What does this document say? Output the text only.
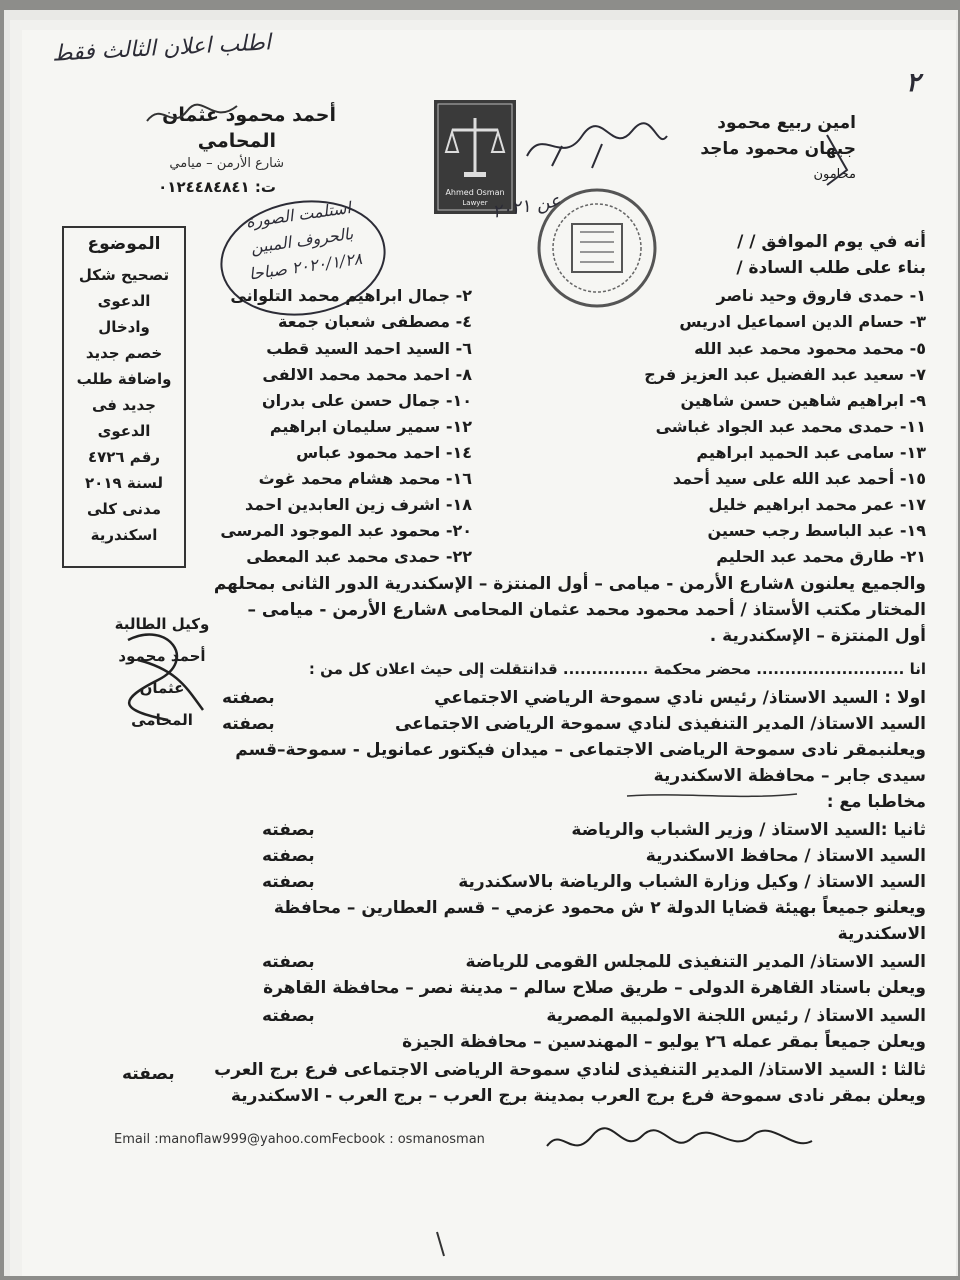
اطلب اعلان الثالث فقط
٢
أحمد محمود عثمان
المحامي
شارع الأرمن – ميامي
ت: ٠١٢٤٤٨٤٨٤١	Ahmed Osman
Lawyer
امين ربيع محمود
جيهان محمود ماجد
محامون
استلمت الصورة
بالحروف المبين
٢٠٢٠/١/٢٨ صباحا
عن ٢٠٢١
الموضوع
تصحيح شكل
الدعوى وادخال
خصم جديد
واضافة طلب
جديد فى الدعوى
رقم ٤٧٢٦
لسنة ٢٠١٩
مدنى كلى
اسكندرية
أنه في يوم الموافق / /
بناء على طلب السادة /
١- حمدى فاروق وحيد ناصر
٣- حسام الدين اسماعيل ادريس
٥- محمد محمود محمد عبد الله
٧- سعيد عبد الفضيل عبد العزيز فرج
٩- ابراهيم شاهين حسن شاهين
١١- حمدى محمد عبد الجواد غباشى
١٣- سامى عبد الحميد ابراهيم
١٥- أحمد عبد الله على سيد أحمد
١٧- عمر محمد ابراهيم خليل
١٩- عبد الباسط رجب حسين
٢١- طارق محمد عبد الحليم
٢- جمال ابراهيم محمد التلوانى
٤- مصطفى شعبان جمعة
٦- السيد احمد السيد قطب
٨- احمد محمد محمد الالفى
١٠- جمال حسن على بدران
١٢- سمير سليمان ابراهيم
١٤- احمد محمود عباس
١٦- محمد هشام محمد غوث
١٨- اشرف زين العابدين احمد
٢٠- محمود عبد الموجود المرسى
٢٢- حمدى محمد عبد المعطى
والجميع يعلنون ٨شارع الأرمن - ميامى – أول المنتزة – الإسكندرية الدور الثانى بمحلهم
المختار مكتب الأستاذ / أحمد محمود محمد عثمان المحامى ٨شارع الأرمن - ميامى –
أول المنتزة – الإسكندرية .
وكيل الطالبة
أحمد محمود عثمان
المحامى
انا .......................... محضر محكمة ............... قدانتقلت إلى حيث اعلان كل من :
اولا : السيد الاستاذ/ رئيس نادي سموحة الرياضي الاجتماعي
بصفته
السيد الاستاذ/ المدير التنفيذى لنادي سموحة الرياضى الاجتماعى
بصفته
ويعلنبمقر نادى سموحة الرياضى الاجتماعى – ميدان فيكتور عمانويل - سموحة–قسم
سيدى جابر – محافظة الاسكندرية
مخاطبا مع :
ثانيا :السيد الاستاذ / وزير الشباب والرياضة
بصفته
السيد الاستاذ / محافظ الاسكندرية
بصفته
السيد الاستاذ / وكيل وزارة الشباب والرياضة بالاسكندرية
بصفته
ويعلنو جميعاً بهيئة قضايا الدولة ٢ ش محمود عزمي – قسم العطارين – محافظة
الاسكندرية
السيد الاستاذ/ المدير التنفيذى للمجلس القومى للرياضة
بصفته
ويعلن باستاد القاهرة الدولى – طريق صلاح سالم – مدينة نصر – محافظة القاهرة
السيد الاستاذ / رئيس اللجنة الاولمبية المصرية
بصفته
ويعلن جميعاً بمقر عمله ٢٦ يوليو – المهندسين – محافظة الجيزة
ثالثا : السيد الاستاذ/ المدير التنفيذى لنادي سموحة الرياضى الاجتماعى فرع برج العرب
بصفته
ويعلن بمقر نادى سموحة فرع برج العرب بمدينة برج العرب – برج العرب - الاسكندرية
Email :manoflaw999@yahoo.comFecbook : osmanosman
